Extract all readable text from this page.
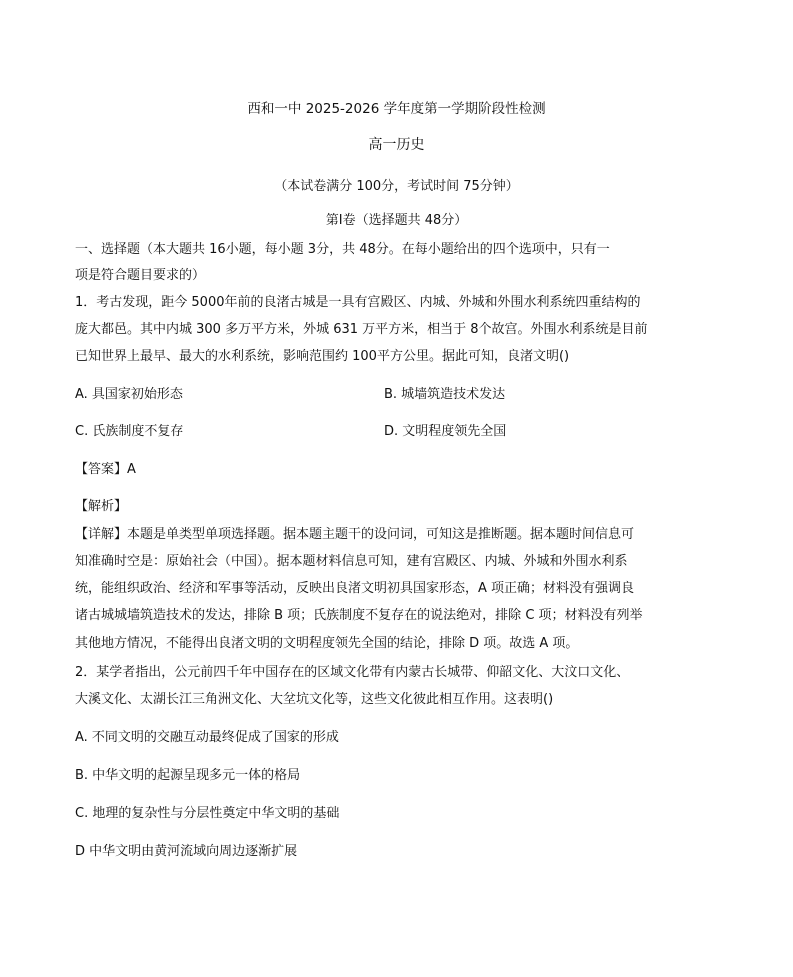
西和一中 2025-2026 学年度第一学期阶段性检测
高一历史
（本试卷满分 100分，考试时间 75分钟）
第Ⅰ卷（选择题共 48分）
一、选择题（本大题共 16小题，每小题 3分，共 48分。在每小题给出的四个选项中，只有一
项是符合题目要求的）
1．考古发现，距今 5000年前的良渚古城是一具有宫殿区、内城、外城和外围水利系统四重结构的
庞大都邑。其中内城 300 多万平方米，外城 631 万平方米，相当于 8个故宫。外围水利系统是目前
已知世界上最早、最大的水利系统，影响范围约 100平方公里。据此可知，良渚文明()
A. 具国家初始形态	B. 城墙筑造技术发达
C. 氏族制度不复存	D. 文明程度领先全国
【答案】A
【解析】
【详解】本题是单类型单项选择题。据本题主题干的设问词，可知这是推断题。据本题时间信息可
知准确时空是：原始社会（中国）。据本题材料信息可知，建有宫殿区、内城、外城和外围水利系
统，能组织政治、经济和军事等活动，反映出良渚文明初具国家形态，A 项正确；材料没有强调良
诸古城城墙筑造技术的发达，排除 B 项；氏族制度不复存在的说法绝对，排除 C 项；材料没有列举
其他地方情况，不能得出良渚文明的文明程度领先全国的结论，排除 D 项。故选 A 项。
2．某学者指出，公元前四千年中国存在的区域文化带有内蒙古长城带、仰韶文化、大汶口文化、
大溪文化、太湖长江三角洲文化、大坌坑文化等，这些文化彼此相互作用。这表明()
A. 不同文明的交融互动最终促成了国家的形成
B. 中华文明的起源呈现多元一体的格局
C. 地理的复杂性与分层性奠定中华文明的基础
D 中华文明由黄河流域向周边逐渐扩展
